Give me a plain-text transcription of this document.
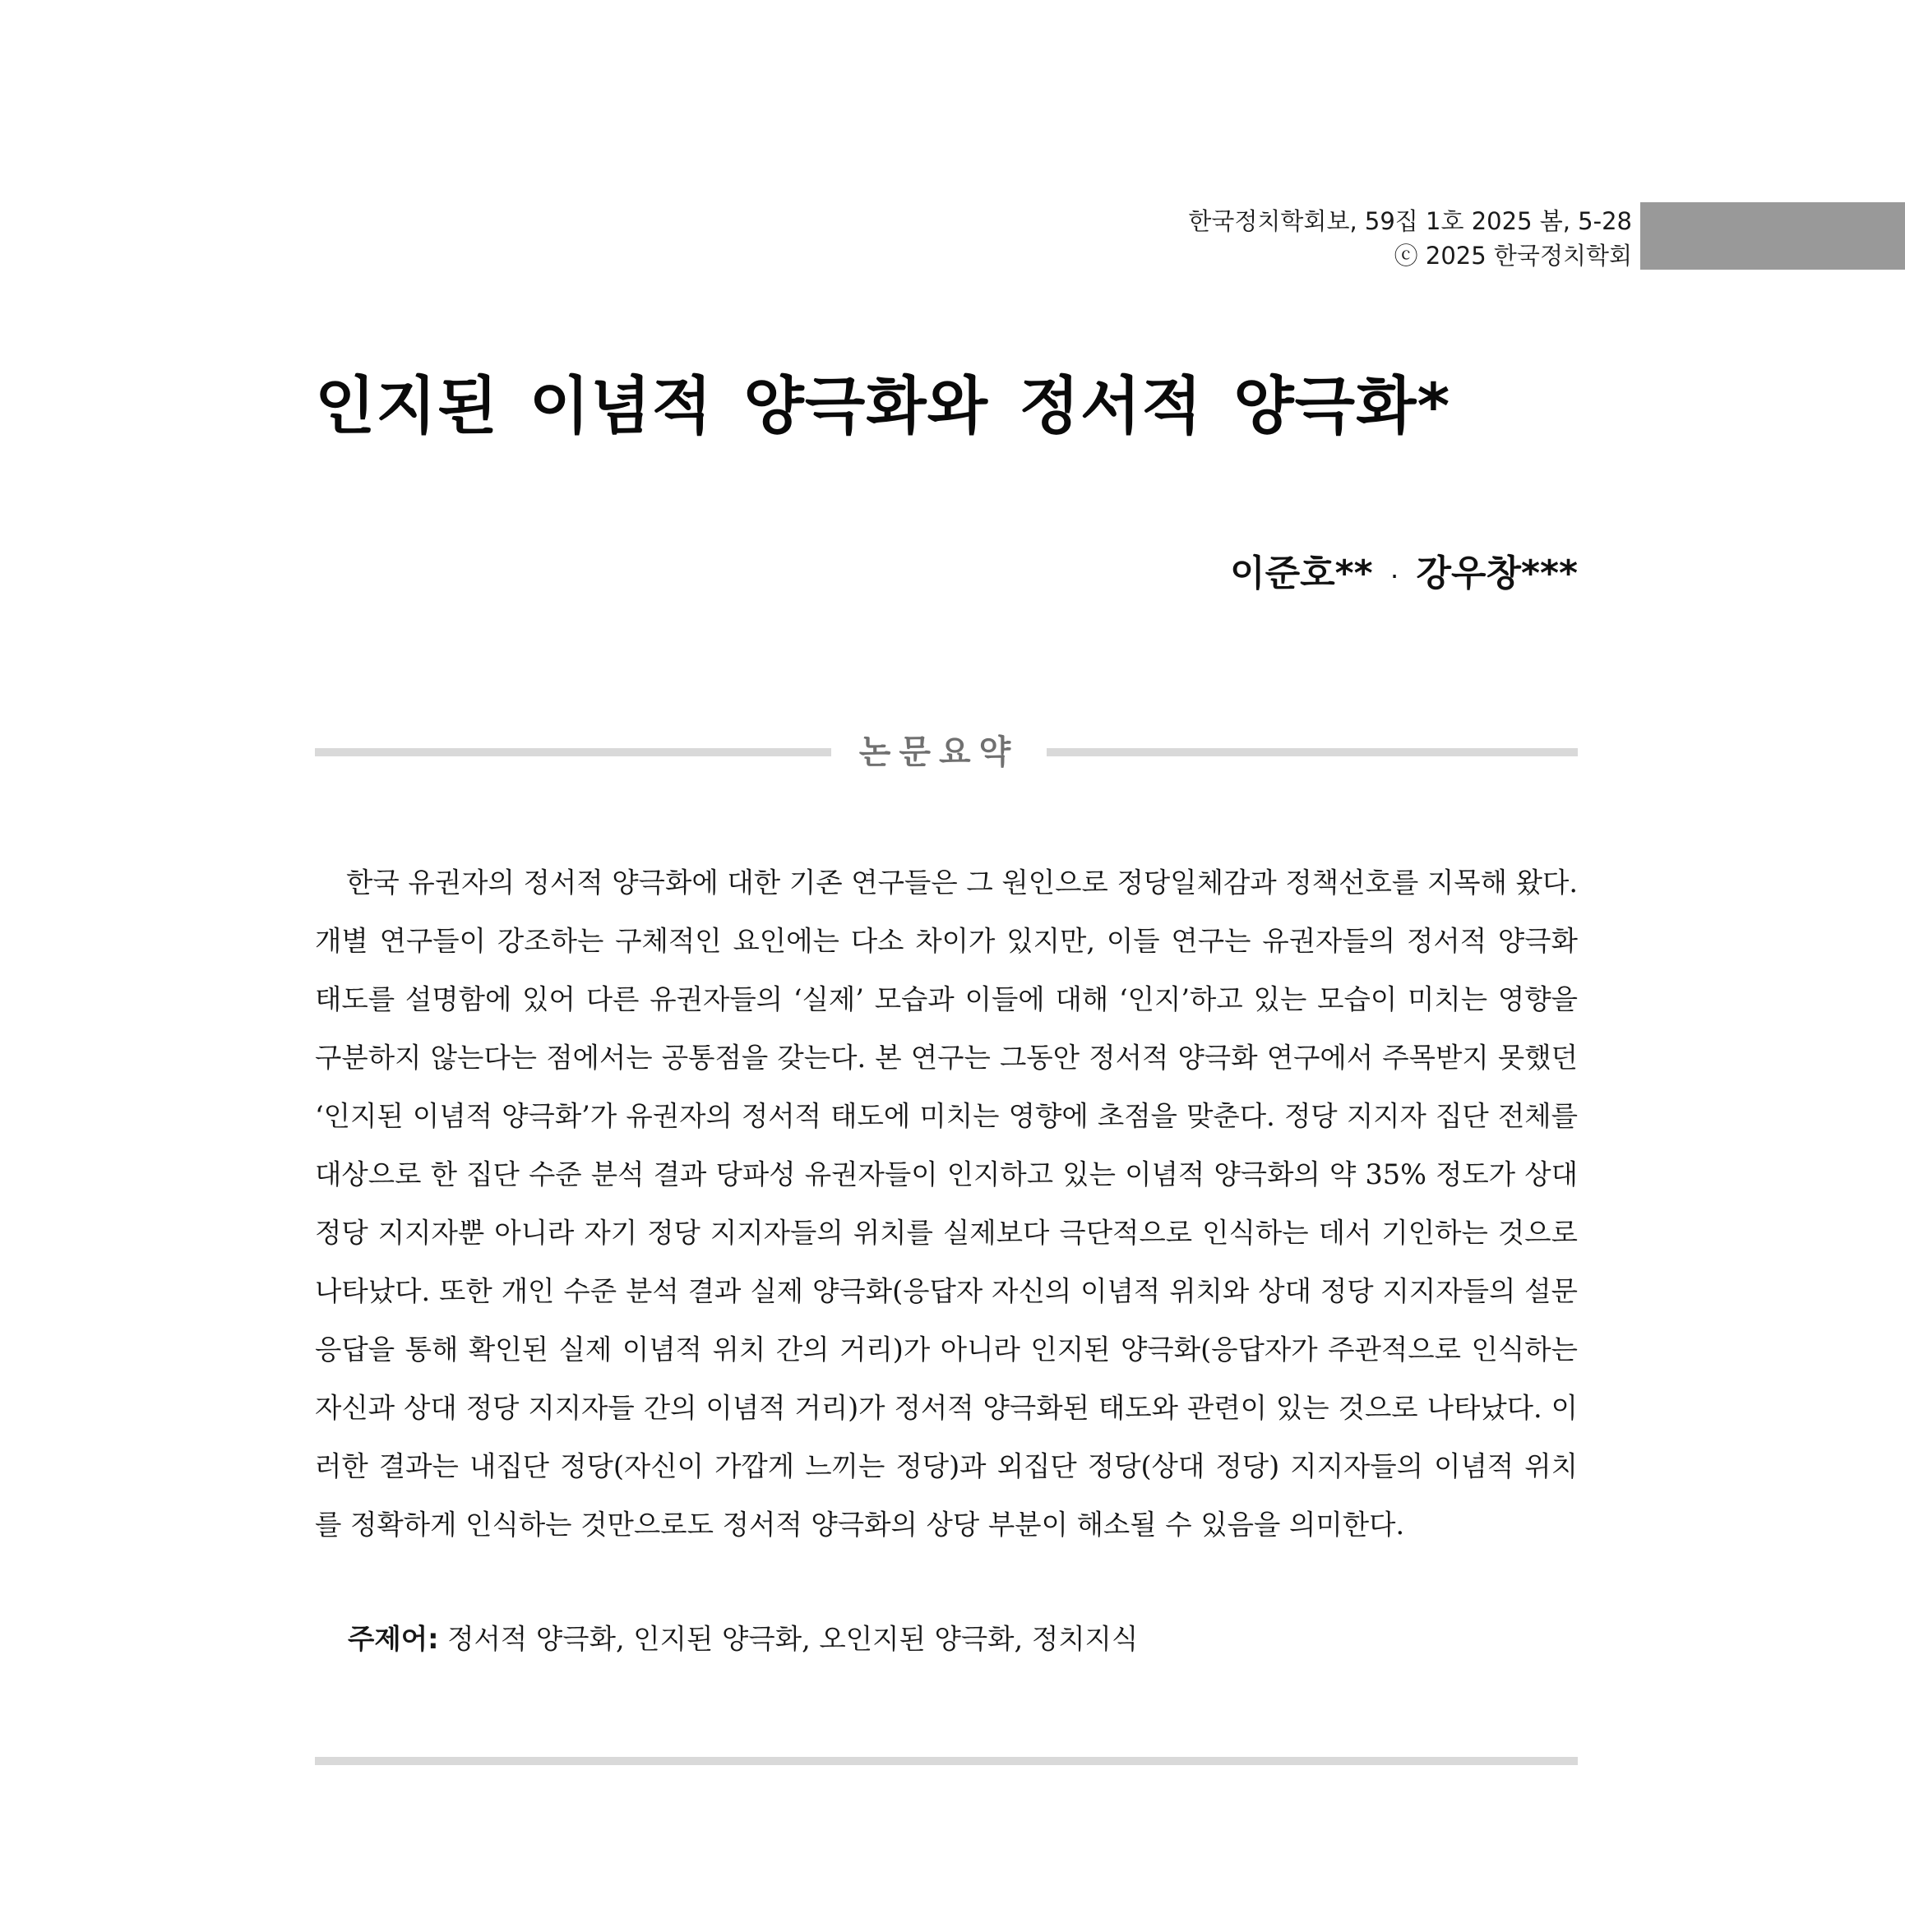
한국정치학회보, 59집 1호 2025 봄, 5-28
ⓒ 2025 한국정치학회
인지된 이념적 양극화와 정서적 양극화*
이준호** · 강우창***
논문요약

한국 유권자의 정서적 양극화에 대한 기존 연구들은 그 원인으로 정당일체감과 정책선호를 지목해 왔다. 개별 연구들이 강조하는 구체적인 요인에는 다소 차이가 있지만, 이들 연구는 유권자들의 정서적 양극화 태도를 설명함에 있어 다른 유권자들의 ‘실제’ 모습과 이들에 대해 ‘인지’하고 있는 모습이 미치는 영향을 구분하지 않는다는 점에서는 공통점을 갖는다. 본 연구는 그동안 정서적 양극화 연구에서 주목받지 못했던 ‘인지된 이념적 양극화’가 유권자의 정서적 태도에 미치는 영향에 초점을 맞춘다. 정당 지지자 집단 전체를 대상으로 한 집단 수준 분석 결과 당파성 유권자들이 인지하고 있는 이념적 양극화의 약 35% 정도가 상대 정당 지지자뿐 아니라 자기 정당 지지자들의 위치를 실제보다 극단적으로 인식하는 데서 기인하는 것으로 나타났다. 또한 개인 수준 분석 결과 실제 양극화(응답자 자신의 이념적 위치와 상대 정당 지지자들의 설문응답을 통해 확인된 실제 이념적 위치 간의 거리)가 아니라 인지된 양극화(응답자가 주관적으로 인식하는 자신과 상대 정당 지지자들 간의 이념적 거리)가 정서적 양극화된 태도와 관련이 있는 것으로 나타났다. 이러한 결과는 내집단 정당(자신이 가깝게 느끼는 정당)과 외집단 정당(상대 정당) 지지자들의 이념적 위치를 정확하게 인식하는 것만으로도 정서적 양극화의 상당 부분이 해소될 수 있음을 의미한다.

주제어: 정서적 양극화, 인지된 양극화, 오인지된 양극화, 정치지식
